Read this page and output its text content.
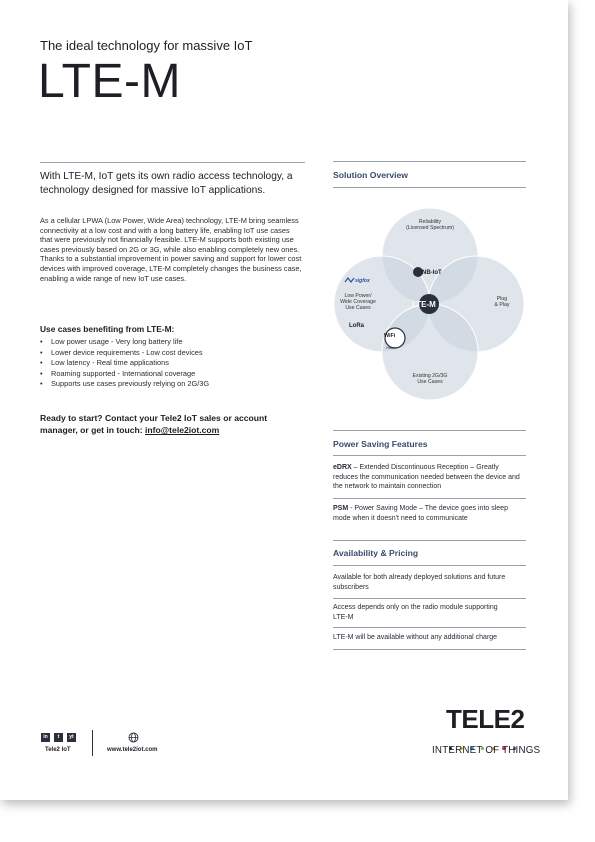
The ideal technology for massive IoT
LTE-M
With LTE-M, IoT gets its own radio access technology, a technology designed for massive IoT applications.
As a cellular LPWA (Low Power, Wide Area) technology, LTE-M bring seamless connectivity at a low cost and with a long battery life, enabling IoT use cases that were previously not financially feasible. LTE-M supports both existing use cases previously based on 2G or 3G, while also enabling completely new ones. Thanks to a substantial improvement in power saving and support for lower cost devices with improved coverage, LTE-M completely changes the business case, enabling a wide range of new IoT use cases.
Use cases benefiting from LTE-M:
• Low power usage - Very long battery life
• Lower device requirements - Low cost devices
• Low latency - Real time applications
• Roaming supported - International coverage
• Supports use cases previously relying on 2G/3G
Ready to start? Contact your Tele2 IoT sales or account manager, or get in touch: info@tele2iot.com
Solution Overview
Reliability
(Licensed Spectrum)
Low Power/
Wide Coverage
Use Cases
Plug
& Play
Existing 2G/3G
Use Cases
sigfox
NB-IoT
LTE-M
LoRa
WiFi
Halow
Power Saving Features
eDRX – Extended Discontinuous Reception – Greatly reduces the communication needed between the device and the network to maintain connection
PSM - Power Saving Mode – The device goes into sleep mode when it doesn't need to communicate
Availability & Pricing
Available for both already deployed solutions and future subscribers
Access depends only on the radio module supporting LTE-M
LTE-M will be available without any additional charge
in	t	yt
Tele2 IoT	www.tele2iot.com
TELE2
INTERNET OF THINGS
